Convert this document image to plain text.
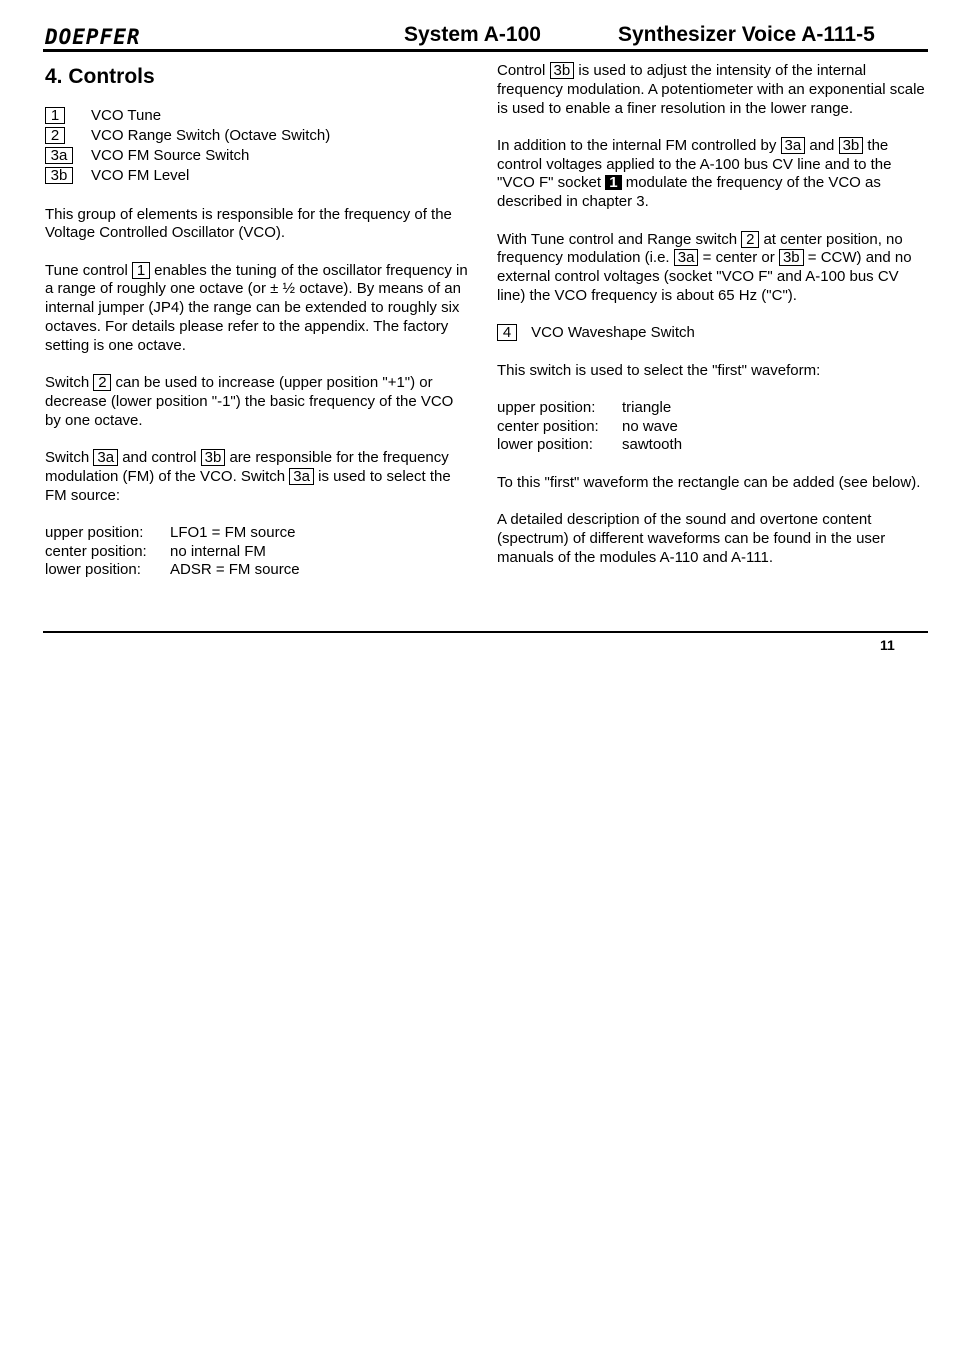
DOEPFER	System A-100	Synthesizer Voice A-111-5
4. Controls
1 VCO Tune
2 VCO Range Switch (Octave Switch)
3a VCO FM Source Switch
3b VCO FM Level

This group of elements is responsible for the frequency of the Voltage Controlled Oscillator (VCO).

Tune control 1 enables the tuning of the oscillator frequency in a range of roughly one octave (or ± ½ octave). By means of an internal jumper (JP4) the range can be extended to roughly six octaves. For details please refer to the appendix. The factory setting is one octave.

Switch 2 can be used to increase (upper position "+1") or decrease (lower position "-1") the basic frequency of the VCO by one octave.

Switch 3a and control 3b are responsible for the frequency modulation (FM) of the VCO. Switch 3a is used to select the FM source:

upper position: LFO1 = FM source
center position: no internal FM
lower position: ADSR = FM source

Control 3b is used to adjust the intensity of the internal frequency modulation. A potentiometer with an exponential scale is used to enable a finer resolution in the lower range.

In addition to the internal FM controlled by 3a and 3b the control voltages applied to the A-100 bus CV line and to the "VCO F" socket 1 modulate the frequency of the VCO as described in chapter 3.

With Tune control and Range switch 2 at center position, no frequency modulation (i.e. 3a = center or 3b = CCW) and no external control voltages (socket "VCO F" and A-100 bus CV line) the VCO frequency is about 65 Hz ("C").

4 VCO Waveshape Switch

This switch is used to select the "first" waveform:

upper position: triangle
center position: no wave
lower position: sawtooth

To this "first" waveform the rectangle can be added (see below).

A detailed description of the sound and overtone content (spectrum) of different waveforms can be found in the user manuals of the modules A-110 and A-111.

11
